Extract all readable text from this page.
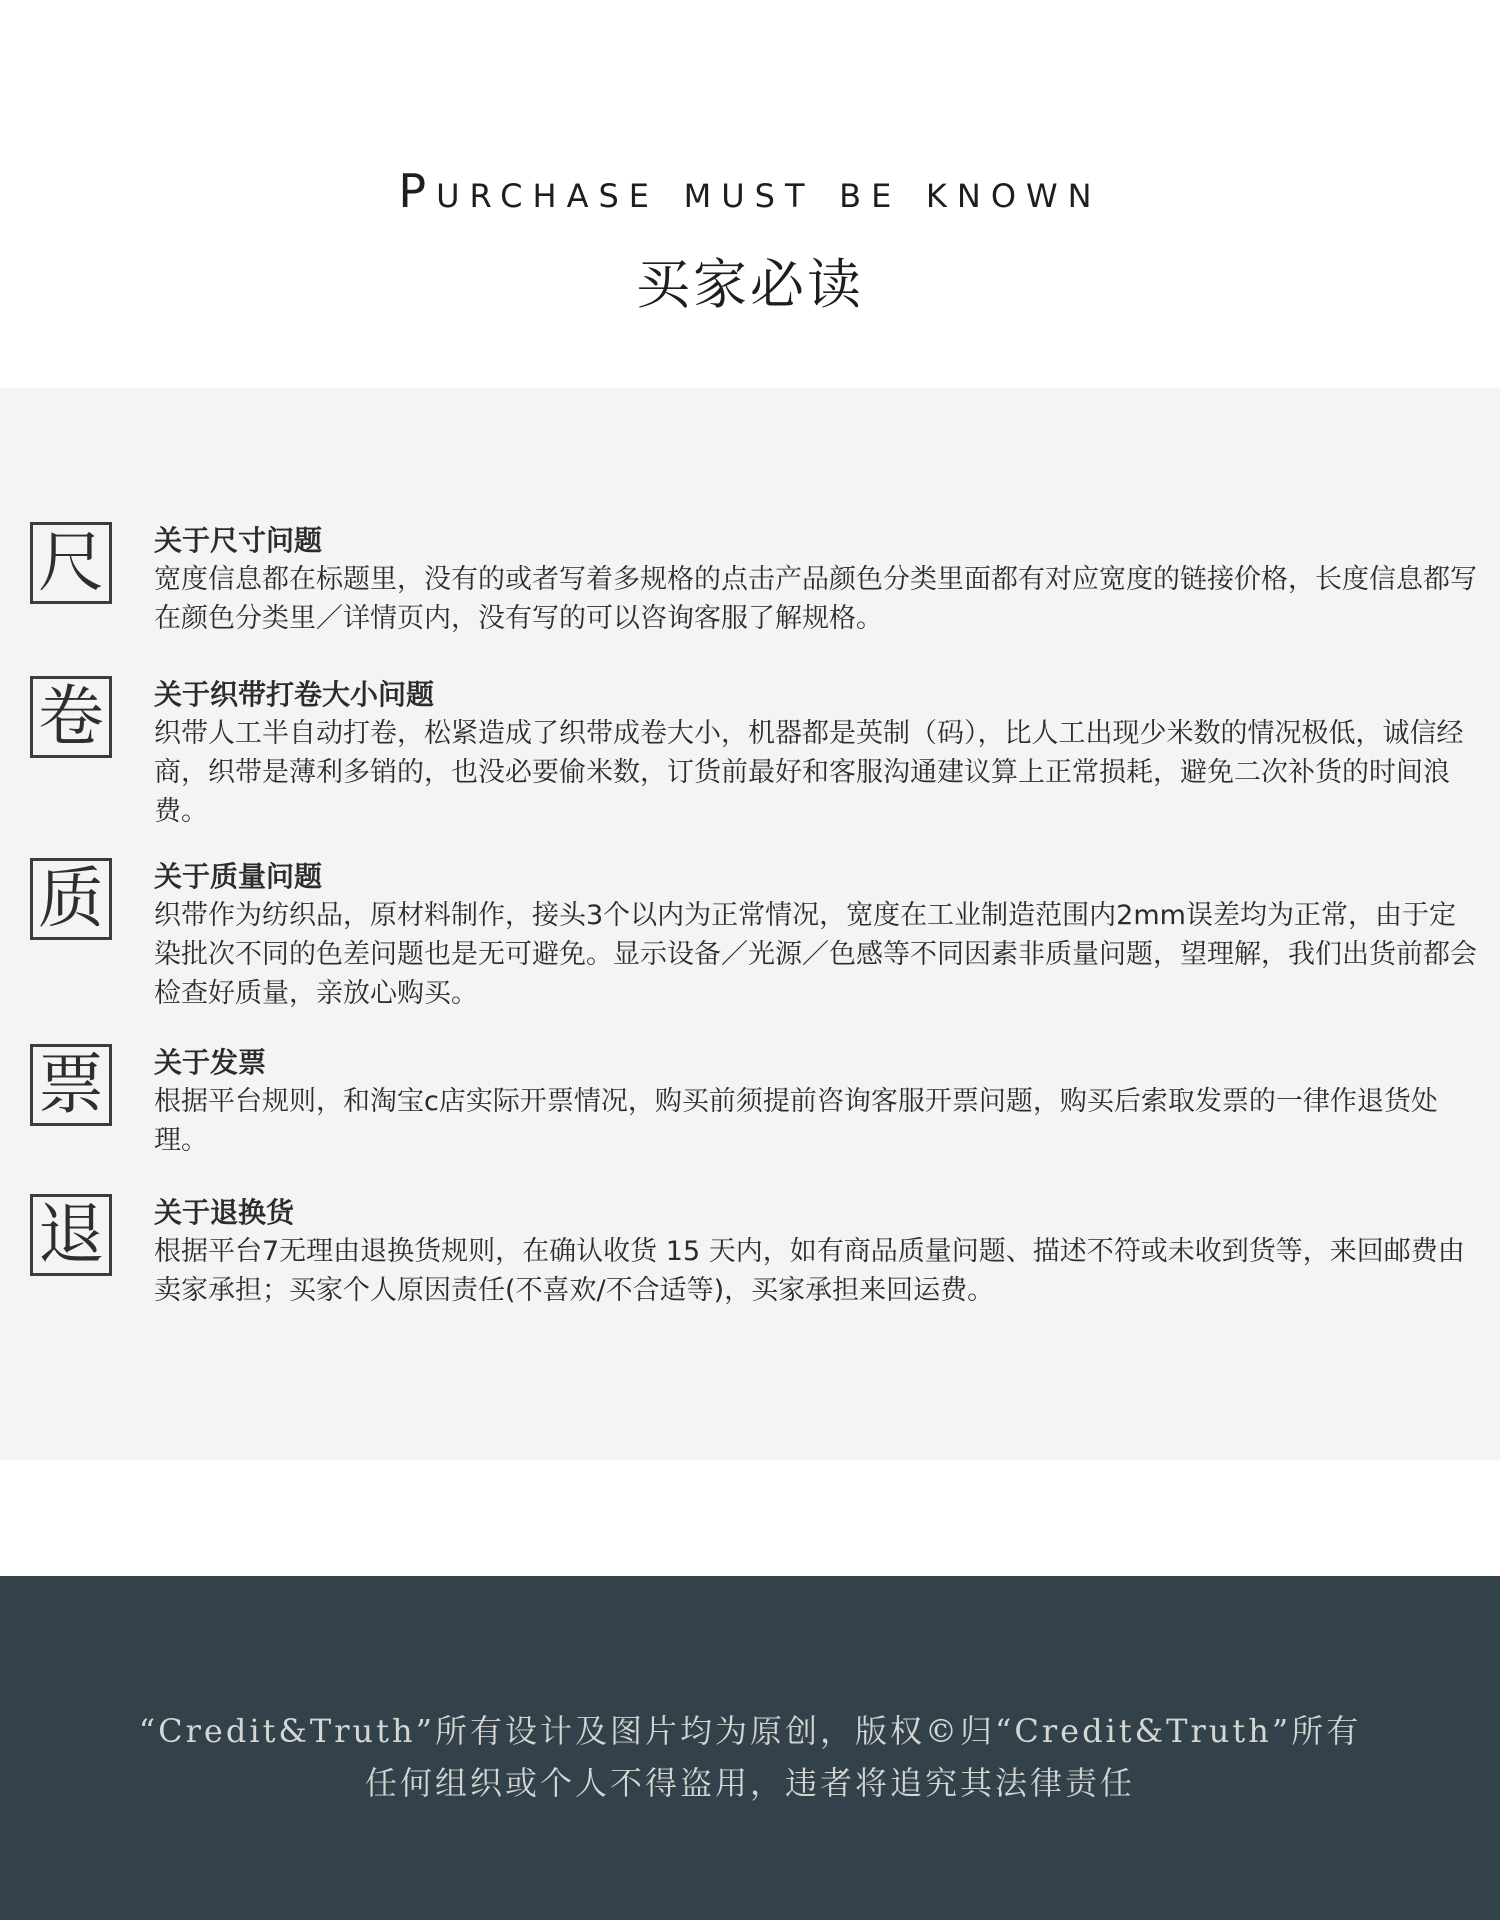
Purchase must be known
买家必读
尺 关于尺寸问题
宽度信息都在标题里，没有的或者写着多规格的点击产品颜色分类里面都有对应宽度的链接价格，长度信息都写在颜色分类里／详情页内，没有写的可以咨询客服了解规格。
卷 关于织带打卷大小问题
织带人工半自动打卷，松紧造成了织带成卷大小，机器都是英制（码），比人工出现少米数的情况极低，诚信经商，织带是薄利多销的，也没必要偷米数，订货前最好和客服沟通建议算上正常损耗，避免二次补货的时间浪费。
质 关于质量问题
织带作为纺织品，原材料制作，接头3个以内为正常情况，宽度在工业制造范围内2mm误差均为正常，由于定染批次不同的色差问题也是无可避免。显示设备／光源／色感等不同因素非质量问题，望理解，我们出货前都会检查好质量，亲放心购买。
票 关于发票
根据平台规则，和淘宝c店实际开票情况，购买前须提前咨询客服开票问题，购买后索取发票的一律作退货处理。
退 关于退换货
根据平台7无理由退换货规则，在确认收货 15 天内，如有商品质量问题、描述不符或未收到货等，来回邮费由卖家承担；买家个人原因责任(不喜欢/不合适等)，买家承担来回运费。
“Credit&Truth”所有设计及图片均为原创，版权©归“Credit&Truth”所有
任何组织或个人不得盗用，违者将追究其法律责任
